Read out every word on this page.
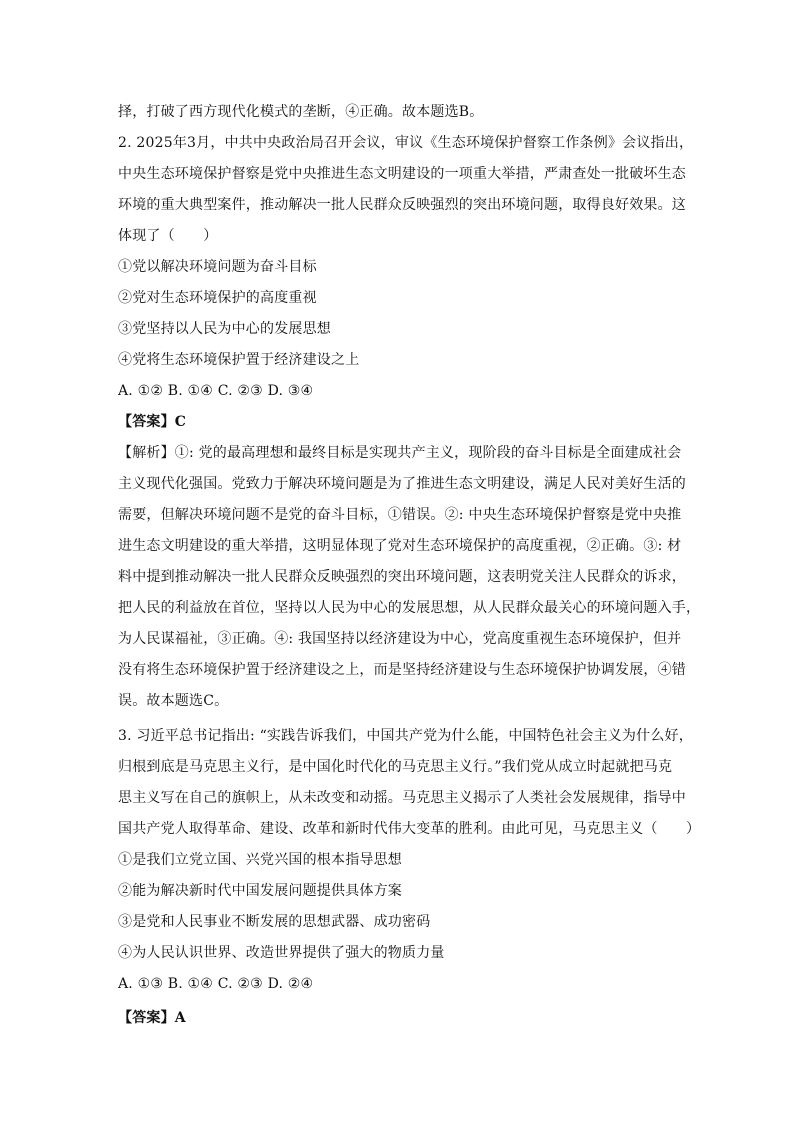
择，打破了西方现代化模式的垄断，④正确。故本题选B。
2. 2025年3月，中共中央政治局召开会议，审议《生态环境保护督察工作条例》会议指出，
中央生态环境保护督察是党中央推进生态文明建设的一项重大举措，严肃查处一批破坏生态
环境的重大典型案件，推动解决一批人民群众反映强烈的突出环境问题，取得良好效果。这
体现了（　　）
①党以解决环境问题为奋斗目标
②党对生态环境保护的高度重视
③党坚持以人民为中心的发展思想
④党将生态环境保护置于经济建设之上
A. ①② B. ①④ C. ②③ D. ③④
【答案】C
【解析】①: 党的最高理想和最终目标是实现共产主义，现阶段的奋斗目标是全面建成社会
主义现代化强国。党致力于解决环境问题是为了推进生态文明建设，满足人民对美好生活的
需要，但解决环境问题不是党的奋斗目标，①错误。②: 中央生态环境保护督察是党中央推
进生态文明建设的重大举措，这明显体现了党对生态环境保护的高度重视，②正确。③: 材
料中提到推动解决一批人民群众反映强烈的突出环境问题，这表明党关注人民群众的诉求，
把人民的利益放在首位，坚持以人民为中心的发展思想，从人民群众最关心的环境问题入手，
为人民谋福祉，③正确。④: 我国坚持以经济建设为中心，党高度重视生态环境保护，但并
没有将生态环境保护置于经济建设之上，而是坚持经济建设与生态环境保护协调发展，④错
误。故本题选C。
3. 习近平总书记指出: “实践告诉我们，中国共产党为什么能，中国特色社会主义为什么好，
归根到底是马克思主义行，是中国化时代化的马克思主义行。”我们党从成立时起就把马克
思主义写在自己的旗帜上，从未改变和动摇。马克思主义揭示了人类社会发展规律，指导中
国共产党人取得革命、建设、改革和新时代伟大变革的胜利。由此可见，马克思主义（　　）
①是我们立党立国、兴党兴国的根本指导思想
②能为解决新时代中国发展问题提供具体方案
③是党和人民事业不断发展的思想武器、成功密码
④为人民认识世界、改造世界提供了强大的物质力量
A. ①③ B. ①④ C. ②③ D. ②④
【答案】A
